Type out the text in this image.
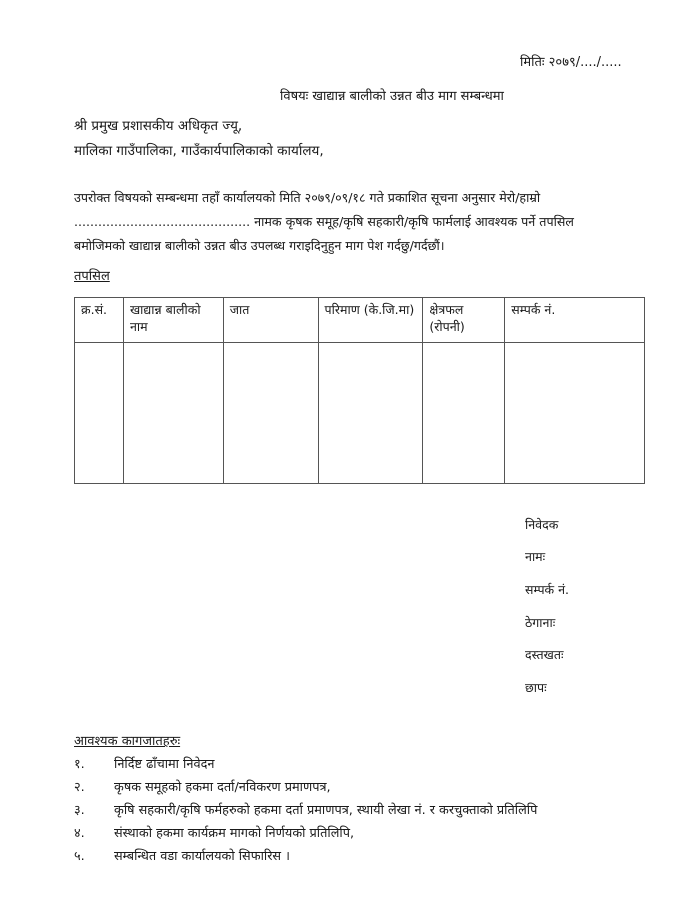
मितिः २०७९/..../.....
विषयः खाद्यान्न बालीको उन्नत बीउ माग सम्बन्धमा
श्री प्रमुख प्रशासकीय अधिकृत ज्यू,
मालिका गाउँपालिका, गाउँकार्यपालिकाको कार्यालय,
उपरोक्त विषयको सम्बन्धमा तहाँ कार्यालयको मिति २०७९/०९/१८ गते प्रकाशित सूचना अनुसार मेरो/हाम्रो
............................................ नामक कृषक समूह/कृषि सहकारी/कृषि फार्मलाई आवश्यक पर्ने तपसिल
बमोजिमको खाद्यान्न बालीको उन्नत बीउ उपलब्ध गराइदिनुहुन माग पेश गर्दछु/गर्दछौं।
तपसिल
क्र.सं.	खाद्यान्न बालीको नाम	जात	परिमाण (के.जि.मा)	क्षेत्रफल (रोपनी)	सम्पर्क नं.

निवेदक
नामः
सम्पर्क नं.
ठेगानाः
दस्तखतः
छापः
आवश्यक कागजातहरुः
१. निर्दिष्ट ढाँचामा निवेदन
२. कृषक समूहको हकमा दर्ता/नविकरण प्रमाणपत्र,
३. कृषि सहकारी/कृषि फर्महरुको हकमा दर्ता प्रमाणपत्र, स्थायी लेखा नं. र करचुक्ताको प्रतिलिपि
४. संस्थाको हकमा कार्यक्रम मागको निर्णयको प्रतिलिपि,
५. सम्बन्धित वडा कार्यालयको सिफारिस ।
